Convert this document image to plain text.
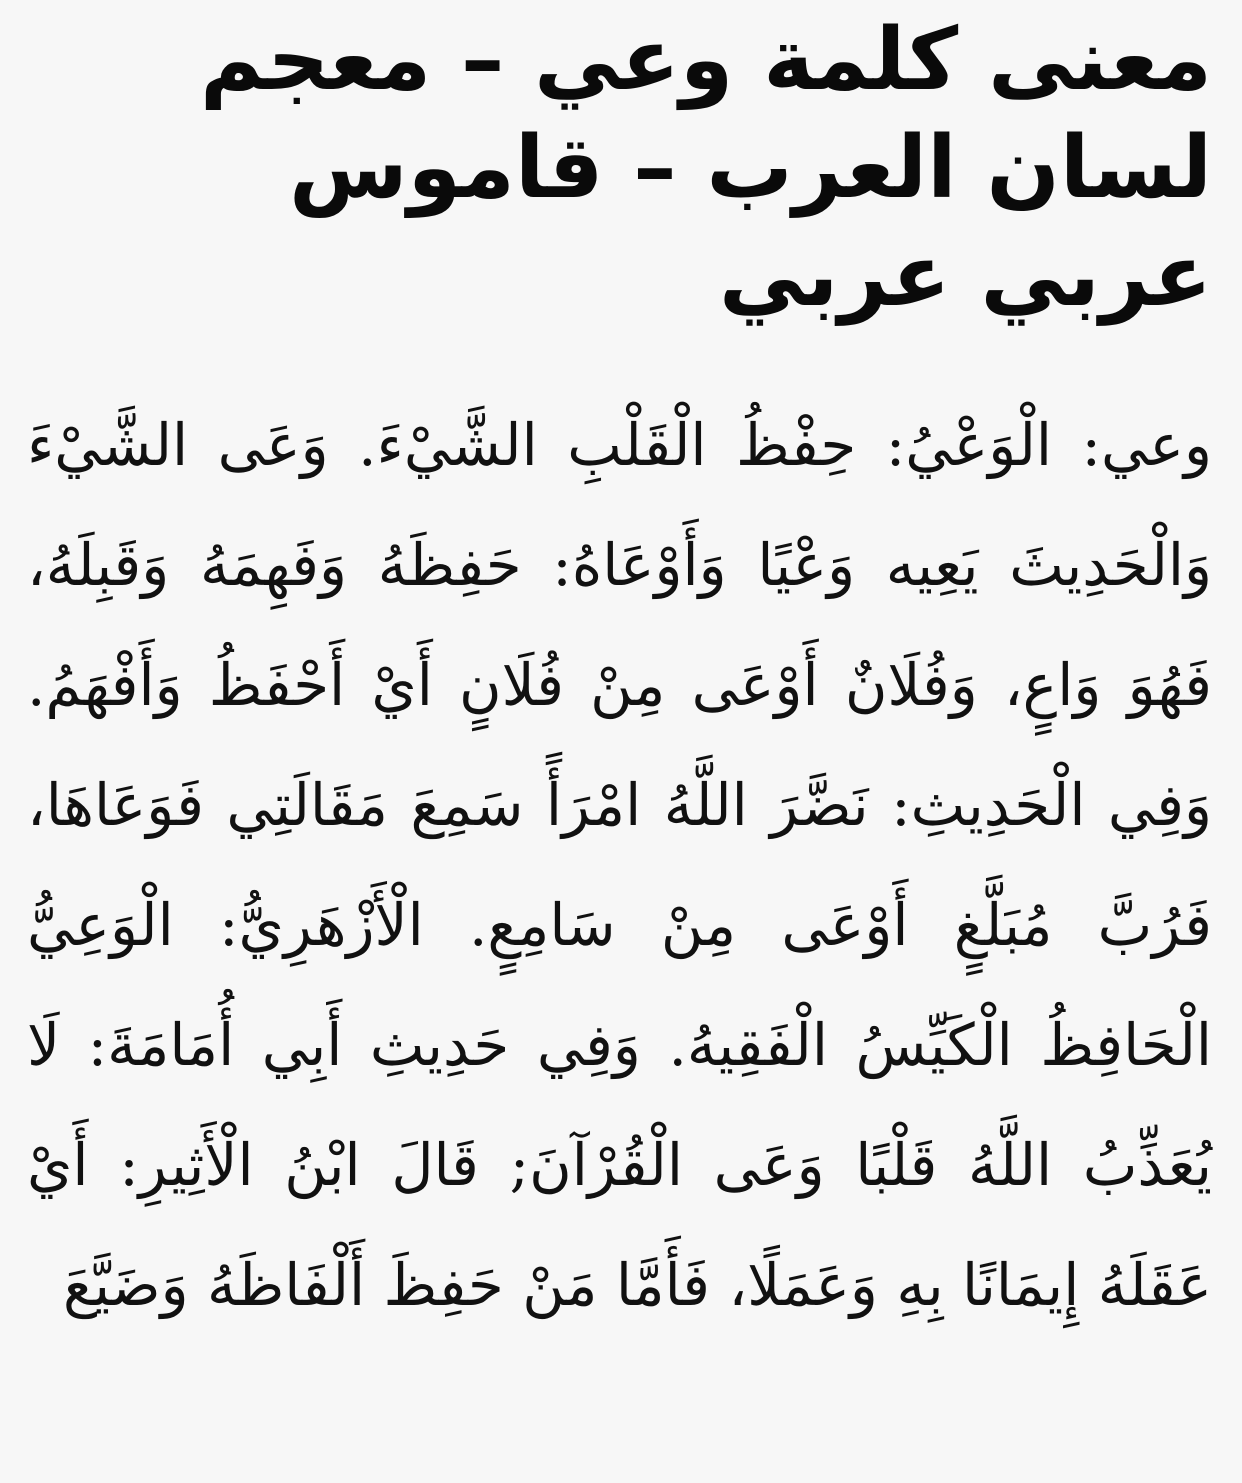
معنى كلمة وعي – معجم لسان العرب – قاموس عربي عربي

وعي: الْوَعْيُ: حِفْظُ الْقَلْبِ الشَّيْءَ. وَعَى الشَّيْءَ وَالْحَدِيثَ يَعِيه وَعْيًا وَأَوْعَاهُ: حَفِظَهُ وَفَهِمَهُ وَقَبِلَهُ، فَهُوَ وَاعٍ، وَفُلَانٌ أَوْعَى مِنْ فُلَانٍ أَيْ أَحْفَظُ وَأَفْهَمُ. وَفِي الْحَدِيثِ: نَضَّرَ اللَّهُ امْرَأً سَمِعَ مَقَالَتِي فَوَعَاهَا، فَرُبَّ مُبَلَّغٍ أَوْعَى مِنْ سَامِعٍ. الْأَزْهَرِيُّ: الْوَعِيُّ الْحَافِظُ الْكَيِّسُ الْفَقِيهُ. وَفِي حَدِيثِ أَبِي أُمَامَةَ: لَا يُعَذِّبُ اللَّهُ قَلْبًا وَعَى الْقُرْآنَ; قَالَ ابْنُ الْأَثِيرِ: أَيْ عَقَلَهُ إِيمَانًا بِهِ وَعَمَلًا، فَأَمَّا مَنْ حَفِظَ أَلْفَاظَهُ وَضَيَّعَ
